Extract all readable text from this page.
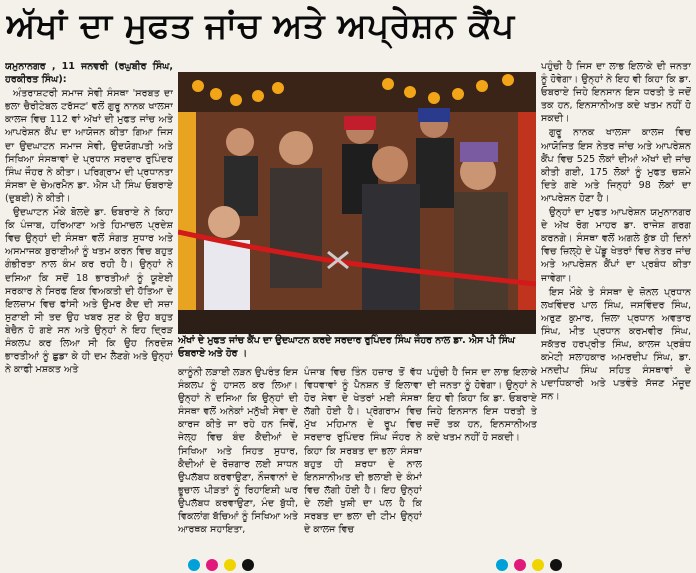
ਅੱਖਾਂ ਦਾ ਮੁਫਤ ਜਾਂਚ ਅਤੇ ਅਪ੍ਰੇਸ਼ਨ ਕੈਂਪ

ਯਮੁਨਾਨਗਰ , 11 ਜਨਵਰੀ (ਰਘੁਬੀਰ ਸਿੰਘ, ਹਰਕੀਰਤ ਸਿੰਘ):

ਅੰਤਰਾਸ਼ਟਰੀ ਸਮਾਜ ਸੇਵੀ ਸੰਸਥਾ 'ਸਰਬਤ ਦਾ ਭਲਾ ਚੈਰੀਟੇਬਲ ਟਰੱਸਟ' ਵਲੋਂ ਗੁਰੂ ਨਾਨਕ ਖਾਲਸਾ ਕਾਲਜ ਵਿਚ 112 ਵਾਂ ਅੱਖਾਂ ਦੀ ਮੁਫਤ ਜਾਂਚ ਅਤੇ ਆਪਰੇਸ਼ਨ ਕੈਂਪ ਦਾ ਆਯੋਜਨ ਕੀਤਾ ਗਿਆ ਜਿਸ ਦਾ ਉਦਘਾਟਨ ਸਮਾਜ ਸੇਵੀ, ਉਦਯੋਗਪਤੀ ਅਤੇ ਸਿਖਿਆ ਸੰਸਥਾਵਾਂ ਦੇ ਪ੍ਰਧਾਨ ਸਰਦਾਰ ਰੁਪਿੰਦਰ ਸਿੰਘ ਜੌਹਰ ਨੇ ਕੀਤਾ। ਪਰਿਗ੍ਰਾਮ ਦੀ ਪ੍ਰਧਾਨਤਾ ਸੰਸਥਾ ਦੇ ਚੇਅਰਮੈਨ ਡਾ. ਐਸ ਪੀ ਸਿੰਘ ਓਬਰਾਏ (ਦੁਬਈ) ਨੇ ਕੀਤੀ।

ਉਦਘਾਟਨ ਮੌਕੇ ਬੋਲਦੇ ਡਾ. ਓਬਰਾਏ ਨੇ ਕਿਹਾ ਕਿ ਪੰਜਾਬ, ਹਰਿਆਣਾ ਅਤੇ ਹਿਮਾਚਲ ਪ੍ਰਦੇਸ਼ ਵਿਚ ਉਨ੍ਹਾਂ ਦੀ ਸੰਸਥਾ ਵਲੋਂ ਸੰਗਤ ਸੁਧਾਰ ਅਤੇ ਅਸਮਾਜਕ ਬੁਰਾਈਆਂ ਨੂੰ ਖਤਮ ਕਰਨ ਵਿਚ ਬਹੁਤ ਗੰਭੀਰਤਾ ਨਾਲ ਕੰਮ ਕਰ ਰਹੀ ਹੈ। ਉਨ੍ਹਾਂ ਨੇ ਦਸਿਆ ਕਿ ਸਦੋਂ 18 ਭਾਰਤੀਆਂ ਨੂੰ ਯੂਏਈ ਸਰਕਾਰ ਨੇ ਸਿਰਫ ਇਕ ਵਿਅਕਤੀ ਦੀ ਹੱਤਿਆ ਦੇ ਇਲਜ਼ਾਮ ਵਿਚ ਫਾਂਸੀ ਅਤੇ ਉਮਰ ਕੈਦ ਦੀ ਸਜ਼ਾ ਸੁਣਾਈ ਸੀ ਤਦ ਉਹ ਖਬਰ ਸੁਣ ਕੇ ਉਹ ਬਹੁਤ ਬੇਚੈਨ ਹੋ ਗਏ ਸਨ ਅਤੇ ਉਨ੍ਹਾਂ ਨੇ ਇਹ ਦ੍ਰਿੜ ਸੰਕਲਪ ਕਰ ਲਿਆ ਸੀ ਕਿ ਉਹ ਨਿਰਦੋਸ਼ ਭਾਰਤੀਆਂ ਨੂੰ ਛੁਡਾ ਕੇ ਹੀ ਦਮ ਲੈਣਗੇ ਅਤੇ ਉਨ੍ਹਾਂ ਨੇ ਕਾਫੀ ਮਸ਼ਕਤ ਅਤੇ

ਅੱਖਾਂ ਦੇ ਮੁਫਤ ਜਾਂਚ ਕੈਂਪ ਦਾ ਉਦਘਾਟਨ ਕਰਦੇ ਸਰਦਾਰ ਰੁਪਿੰਦਰ ਸਿੰਘ ਜੌਹਰ ਨਾਲ ਡਾ. ਐਸ ਪੀ ਸਿੰਘ ਓਬਰਾਏ ਅਤੇ ਹੋਰ ।

ਕਾਨੂੰਨੀ ਲੜਾਈ ਲੜਨ ਉਪਰੰਤ ਇਸ ਸੰਕਲਪ ਨੂੰ ਹਾਸਲ ਕਰ ਲਿਆ। ਉਨ੍ਹਾਂ ਨੇ ਦਸਿਆ ਕਿ ਉਨ੍ਹਾਂ ਦੀ ਸੰਸਥਾ ਵਲੋਂ ਅਨੇਕਾਂ ਮਨੁੱਖੀ ਸੇਵਾ ਦੇ ਕਾਰਜ ਕੀਤੇ ਜਾ ਰਹੇ ਹਨ ਜਿਵੇਂ, ਜੇਲ੍ਹ ਵਿਚ ਬੰਦ ਕੈਦੀਆਂ ਦੇ ਸਿਖਿਆ ਅਤੇ ਸਿਹਤ ਸੁਧਾਰ, ਕੈਦੀਆਂ ਦੇ ਰੋਜ਼ਗਾਰ ਲਈ ਸਾਧਨ ਉਪਲੱਬਧ ਕਰਵਾਉਣਾ, ਨੌਜਵਾਨਾਂ ਦੇ ਭੂਚਾਲ ਪੀੜਤਾਂ ਨੂੰ ਰਿਹਾਇਸ਼ੀ ਘਰ ਉਪਲੱਬਧ ਕਰਵਾਉਣਾ, ਮੰਦ ਬੁੱਧੀ, ਵਿਕਲਾਂਗ ਬੱਚਿਆਂ ਨੂੰ ਸਿਖਿਆ ਅਤੇ ਆਰਥਕ ਸਹਾਇਤਾ,

ਪੰਜਾਬ ਵਿਚ ਤਿੰਨ ਹਜ਼ਾਰ ਤੋਂ ਵੱਧ ਵਿਧਵਾਵਾਂ ਨੂੰ ਪੈਨਸ਼ਨ ਤੋਂ ਇਲਾਵਾ ਹੋਰ ਸੇਵਾ ਦੇ ਖੇਤਰਾਂ ਮਈ ਸੰਸਥਾ ਲੱਗੀ ਹੋਈ ਹੈ। ਪ੍ਰੋਗਰਾਮ ਵਿਚ ਮੁੱਖ ਮਹਿਮਾਨ ਦੇ ਰੂਪ ਵਿਚ ਸਰਦਾਰ ਰੁਪਿੰਦਰ ਸਿੰਘ ਜੌਹਰ ਨੇ ਕਿਹਾ ਕਿ ਸਰਬਤ ਦਾ ਭਲਾ ਸੰਸਥਾ ਬਹੁਤ ਹੀ ਸ਼ਰਧਾ ਦੇ ਨਾਲ ਇਨਸਾਨੀਅਤ ਦੀ ਭਲਾਈ ਦੇ ਕੰਮਾਂ ਵਿਚ ਲੱਗੀ ਹੋਈ ਹੈ। ਇਹ ਉਨ੍ਹਾਂ ਦੇ ਲਈ ਖੁਸ਼ੀ ਦਾ ਪਲ ਹੈ ਕਿ ਸਰਬਤ ਦਾ ਭਲਾ ਦੀ ਟੀਮ ਉਨ੍ਹਾਂ ਦੇ ਕਾਲਜ ਵਿਚ

ਪਹੁੰਚੀ ਹੈ ਜਿਸ ਦਾ ਲਾਭ ਇਲਾਕੇ ਦੀ ਜਨਤਾ ਨੂੰ ਹੋਵੇਗਾ। ਉਨ੍ਹਾਂ ਨੇ ਇਹ ਵੀ ਕਿਹਾ ਕਿ ਡਾ. ਓਬਰਾਏ ਜਿਹੇ ਇਨਸਾਨ ਇਸ ਧਰਤੀ ਤੇ ਜਦੋਂ ਤਕ ਹਨ, ਇਨਸਾਨੀਅਤ ਕਦੇ ਖਤਮ ਨਹੀਂ ਹੋ ਸਕਦੀ।

ਪਹੁੰਚੀ ਹੈ ਜਿਸ ਦਾ ਲਾਭ ਇਲਾਕੇ ਦੀ ਜਨਤਾ ਨੂੰ ਹੋਵੇਗਾ। ਉਨ੍ਹਾਂ ਨੇ ਇਹ ਵੀ ਕਿਹਾ ਕਿ ਡਾ. ਓਬਰਾਏ ਜਿਹੇ ਇਨਸਾਨ ਇਸ ਧਰਤੀ ਤੇ ਜਦੋਂ ਤਕ ਹਨ, ਇਨਸਾਨੀਅਤ ਕਦੇ ਖਤਮ ਨਹੀਂ ਹੋ ਸਕਦੀ।

ਗੁਰੂ ਨਾਨਕ ਖਾਲਸਾ ਕਾਲਜ ਵਿਚ ਆਯੋਜਿਤ ਇਸ ਨੇਤਰ ਜਾਂਚ ਅਤੇ ਆਪਰੇਸ਼ਨ ਕੈਂਪ ਵਿਚ 525 ਲੋਕਾਂ ਦੀਆਂ ਅੱਖਾਂ ਦੀ ਜਾਂਚ ਕੀਤੀ ਗਈ, 175 ਲੋਕਾਂ ਨੂੰ ਮੁਫਤ ਚਸ਼ਮੇ ਦਿਤੇ ਗਏ ਅਤੇ ਜਿਨ੍ਹਾਂ 98 ਲੋਕਾਂ ਦਾ ਆਪਰੇਸ਼ਨ ਹੋਣਾ ਹੈ।

ਉਨ੍ਹਾਂ ਦਾ ਮੁਫਤ ਆਪਰੇਸ਼ਨ ਯਮੁਨਾਨਗਰ ਦੇ ਅੱਖ ਰੋਗ ਮਾਹਰ ਡਾ. ਰਾਜੇਸ਼ ਗਰਗ ਕਰਨਗੇ। ਸੰਸਥਾ ਵਲੋਂ ਅਗਲੇ ਕੁੱਝ ਹੀ ਦਿਨਾਂ ਵਿਚ ਜ਼ਿਲ੍ਹੇ ਦੇ ਪੇਂਡੂ ਖੇਤਰਾਂ ਵਿਚ ਨੇਤਰ ਜਾਂਚ ਅਤੇ ਆਪਰੇਸ਼ਨ ਕੈਂਪਾਂ ਦਾ ਪ੍ਰਬੰਧ ਕੀਤਾ ਜਾਵੇਗਾ।

ਇਸ ਮੌਕੇ ਤੇ ਸੰਸਥਾ ਦੇ ਜ਼ੋਨਲ ਪ੍ਰਧਾਨ ਲਖਵਿੰਦਰ ਪਾਲ ਸਿੰਘ, ਜਸਵਿੰਦਰ ਸਿੰਘ, ਅਰੁਣ ਕੁਮਾਰ, ਜ਼ਿਲਾ ਪ੍ਰਧਾਨ ਅਵਤਾਰ ਸਿੰਘ, ਮੀਤ ਪ੍ਰਧਾਨ ਕਰਮਵੀਰ ਸਿੰਘ, ਸਕੱਤਰ ਹਰਪ੍ਰੀਤ ਸਿੰਘ, ਕਾਲਜ ਪ੍ਰਬੰਧ ਕਮੇਟੀ ਸਲਾਹਕਾਰ ਅਮਰਦੀਪ ਸਿੰਘ, ਡਾ. ਮਨਦੀਪ ਸਿੰਘ ਸਹਿਤ ਸੰਸਥਾਵਾਂ ਦੇ ਪਦਾਧਿਕਾਰੀ ਅਤੇ ਪਤਵੰਤੇ ਸੱਜਣ ਮੌਜੂਦ ਸਨ।
